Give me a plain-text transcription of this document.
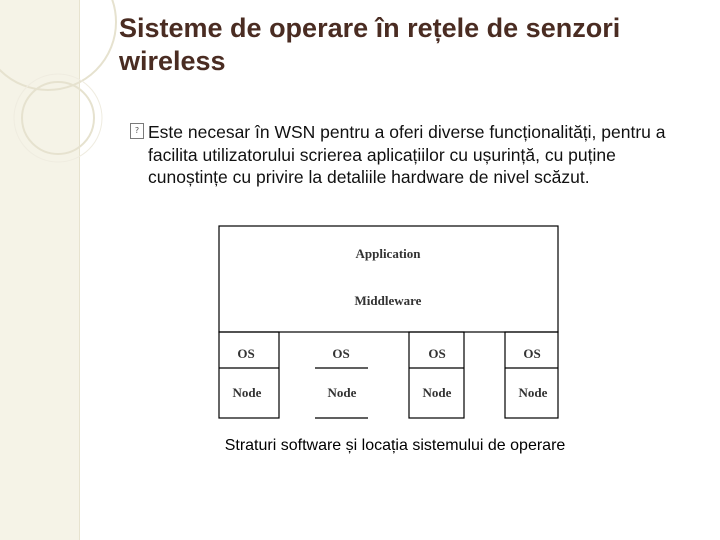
Sisteme de operare în rețele de senzori wireless
? Este necesar în WSN pentru a oferi diverse funcționalități, pentru a facilita utilizatorului scrierea aplicațiilor cu ușurință, cu puține cunoștințe cu privire la detaliile hardware de nivel scăzut.
Application
Middleware
OS	OS	OS	OS
Node	Node	Node	Node
Straturi software și locația sistemului de operare
